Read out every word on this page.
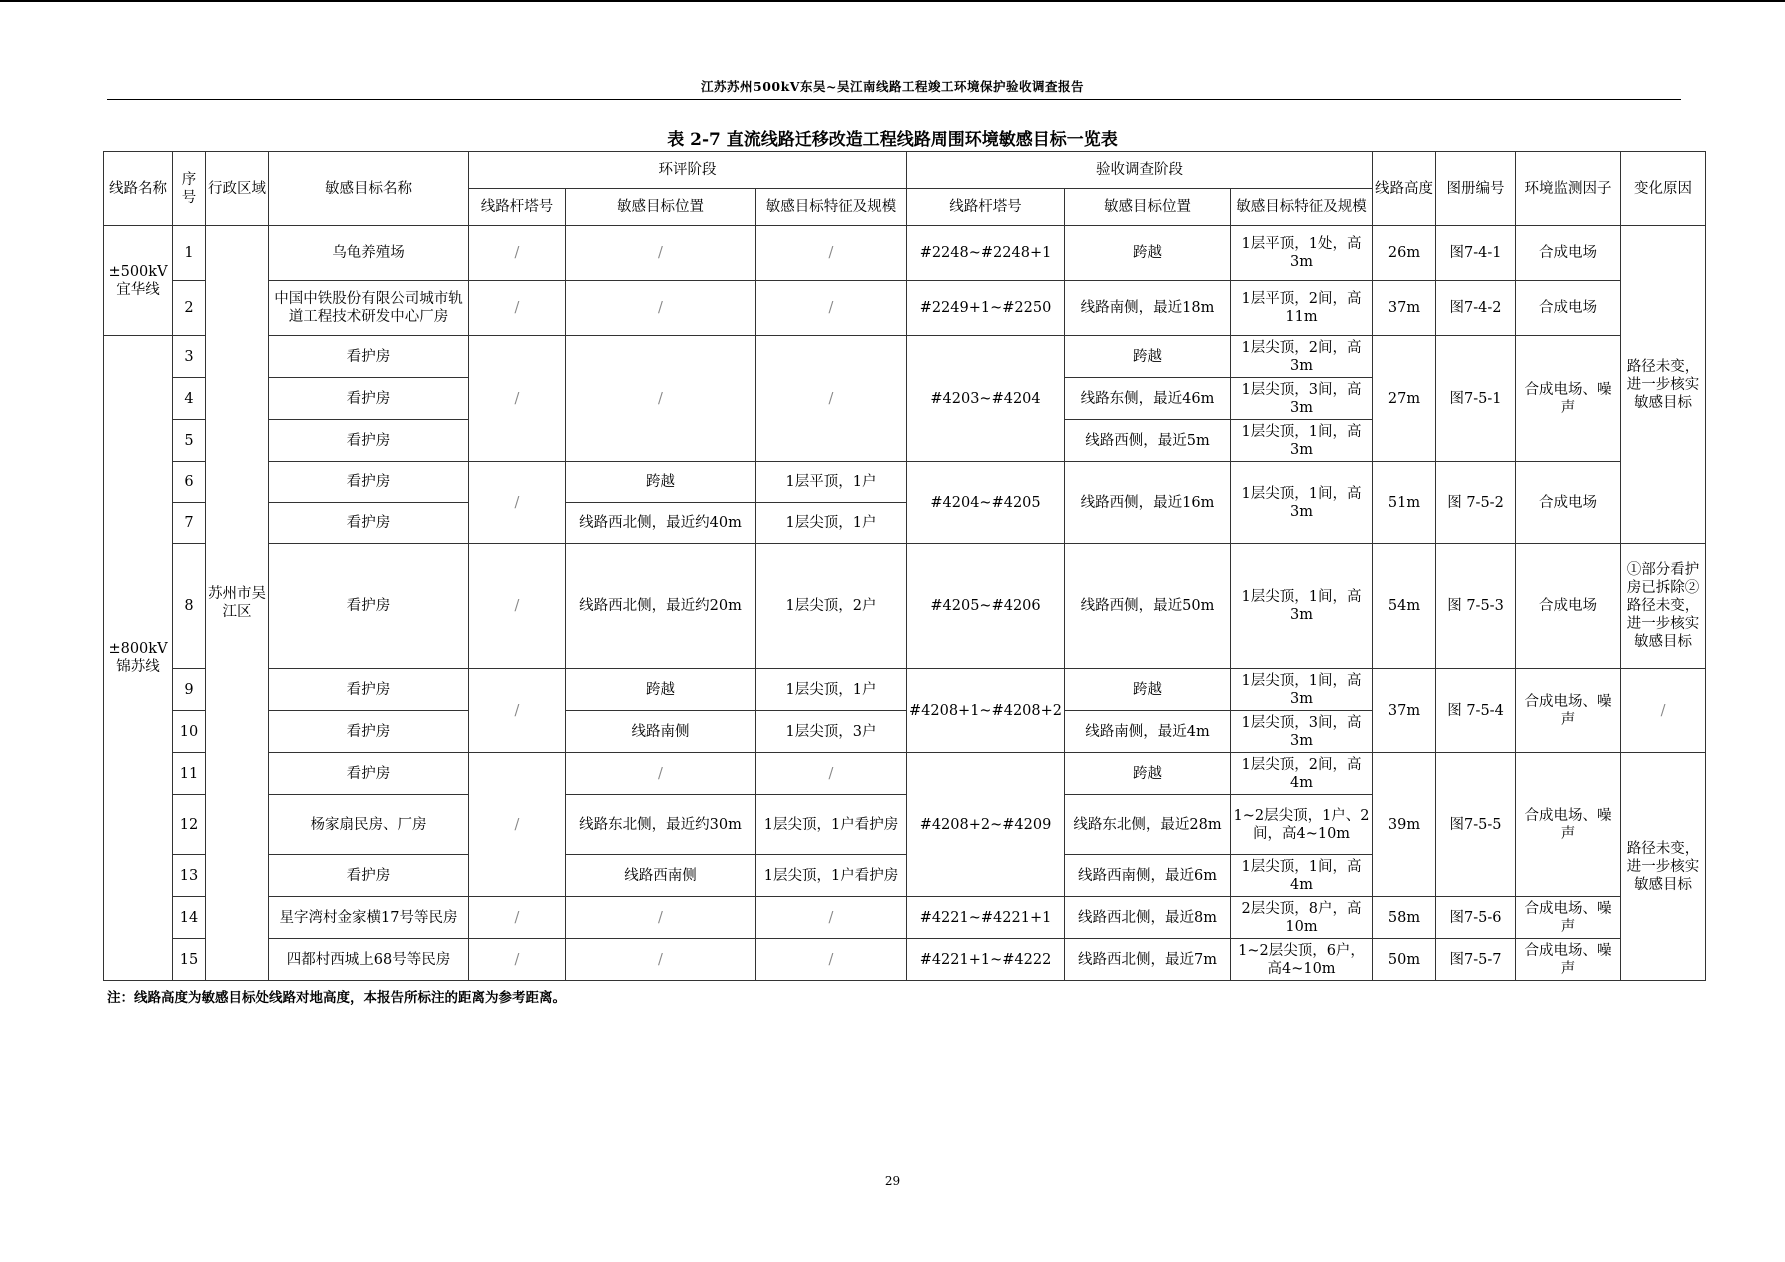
江苏苏州500kV东吴~吴江南线路工程竣工环境保护验收调查报告
表 2-7 直流线路迁移改造工程线路周围环境敏感目标一览表
线路名称	序号	行政区域	敏感目标名称	环评阶段			验收调查阶段			线路高度	图册编号	环境监测因子	变化原因
				线路杆塔号	敏感目标位置	敏感目标特征及规模	线路杆塔号	敏感目标位置	敏感目标特征及规模				
±500kV宜华线	1	苏州市吴江区	乌龟养殖场	/	/	/	#2248~#2248+1	跨越	1层平顶，1处，高3m	26m	图7-4-1	合成电场	路径未变，进一步核实敏感目标
	2		中国中铁股份有限公司城市轨道工程技术研发中心厂房	/	/	/	#2249+1~#2250	线路南侧，最近18m	1层平顶，2间，高11m	37m	图7-4-2	合成电场	
±800kV锦苏线	3		看护房	/	/	/	#4203~#4204	跨越	1层尖顶，2间，高3m	27m	图7-5-1	合成电场、噪声	
	4		看护房					线路东侧，最近46m	1层尖顶，3间，高3m				
	5		看护房					线路西侧，最近5m	1层尖顶，1间，高3m				
	6		看护房	/	跨越	1层平顶，1户	#4204~#4205	线路西侧，最近16m	1层尖顶，1间，高3m	51m	图 7-5-2	合成电场	
	7		看护房		线路西北侧，最近约40m	1层尖顶，1户							
	8		看护房	/	线路西北侧，最近约20m	1层尖顶，2户	#4205~#4206	线路西侧，最近50m	1层尖顶，1间，高3m	54m	图 7-5-3	合成电场	①部分看护房已拆除②路径未变，进一步核实敏感目标
	9		看护房	/	跨越	1层尖顶，1户	#4208+1~#4208+2	跨越	1层尖顶，1间，高3m	37m	图 7-5-4	合成电场、噪声	/
	10		看护房		线路南侧	1层尖顶，3户		线路南侧，最近4m	1层尖顶，3间，高3m				
	11		看护房	/	/	/	#4208+2~#4209	跨越	1层尖顶，2间，高4m	39m	图7-5-5	合成电场、噪声	路径未变，进一步核实敏感目标
	12		杨家扇民房、厂房		线路东北侧，最近约30m	1层尖顶，1户看护房		线路东北侧，最近28m	1~2层尖顶，1户、2间，高4~10m				
	13		看护房		线路西南侧	1层尖顶，1户看护房		线路西南侧，最近6m	1层尖顶，1间，高4m				
	14		星字湾村金家横17号等民房	/	/	/	#4221~#4221+1	线路西北侧，最近8m	2层尖顶，8户，高10m	58m	图7-5-6	合成电场、噪声	
	15		四都村西城上68号等民房	/	/	/	#4221+1~#4222	线路西北侧，最近7m	1~2层尖顶，6户，高4~10m	50m	图7-5-7	合成电场、噪声	
注：线路高度为敏感目标处线路对地高度，本报告所标注的距离为参考距离。
29
